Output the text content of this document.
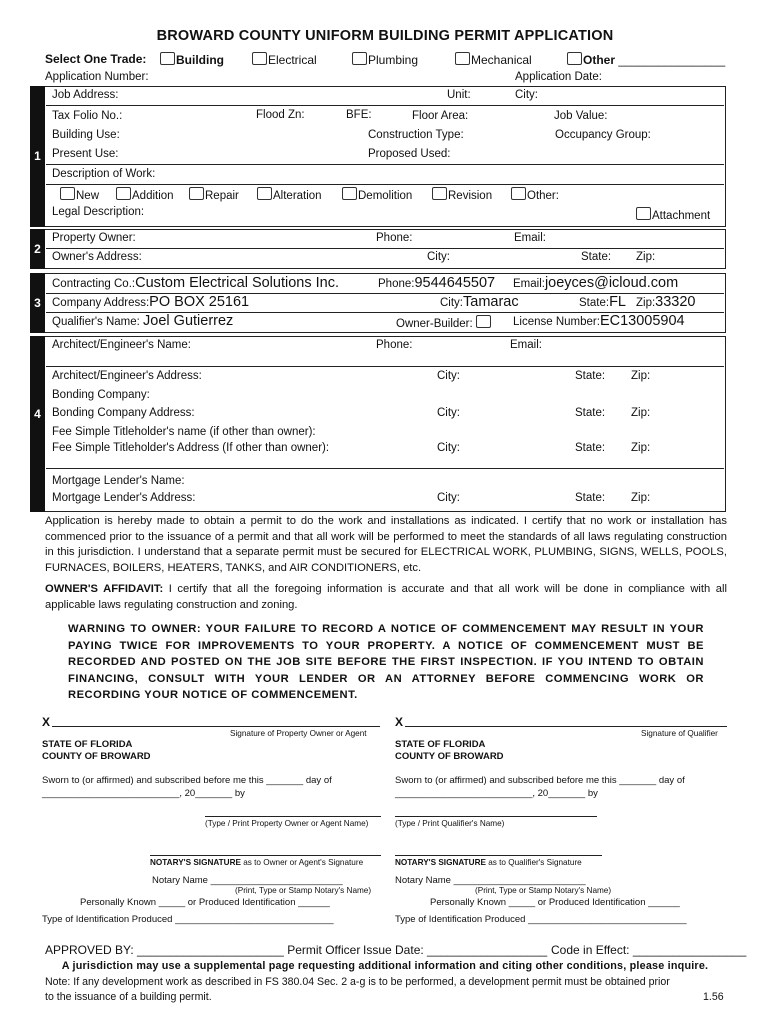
BROWARD COUNTY UNIFORM BUILDING PERMIT APPLICATION
Select One Trade:	Building	Electrical	Plumbing	Mechanical	Other ________________
Application Number:	Application Date:
1
Job Address:	Unit:	City:
Tax Folio No.:	Flood Zn:	BFE:	Floor Area:	Job Value:
Building Use:	Construction Type:	Occupancy Group:
Present Use:	Proposed Used:
Description of Work:
New	Addition	Repair	Alteration	Demolition	Revision	Other:
Legal Description:	Attachment
2
Property Owner:	Phone:	Email:
Owner's Address:	City:	State: Zip:
3
Contracting Co.:Custom Electrical Solutions Inc.	Phone:9544645507 Email:joeyces@icloud.com
Company Address:PO BOX 25161	City:Tamarac	State:FL Zip:33320
Qualifier's Name: Joel Gutierrez	Owner-Builder:	License Number:EC13005904
4
Architect/Engineer's Name:	Phone:	Email:
Architect/Engineer's Address:	City:	State: Zip:
Bonding Company:
Bonding Company Address:	City:	State: Zip:
Fee Simple Titleholder's name (if other than owner):
Fee Simple Titleholder's Address (If other than owner):	City:	State: Zip:
Mortgage Lender's Name:
Mortgage Lender's Address:	City:	State: Zip:
Application is hereby made to obtain a permit to do the work and installations as indicated. I certify that no work or installation has commenced prior to the issuance of a permit and that all work will be performed to meet the standards of all laws regulating construction in this jurisdiction. I understand that a separate permit must be secured for ELECTRICAL WORK, PLUMBING, SIGNS, WELLS, POOLS, FURNACES, BOILERS, HEATERS, TANKS, and AIR CONDITIONERS, etc.
OWNER'S AFFIDAVIT: I certify that all the foregoing information is accurate and that all work will be done in compliance with all applicable laws regulating construction and zoning.
WARNING TO OWNER: YOUR FAILURE TO RECORD A NOTICE OF COMMENCEMENT MAY RESULT IN YOUR PAYING TWICE FOR IMPROVEMENTS TO YOUR PROPERTY. A NOTICE OF COMMENCEMENT MUST BE RECORDED AND POSTED ON THE JOB SITE BEFORE THE FIRST INSPECTION. IF YOU INTEND TO OBTAIN FINANCING, CONSULT WITH YOUR LENDER OR AN ATTORNEY BEFORE COMMENCING WORK OR RECORDING YOUR NOTICE OF COMMENCEMENT.
X
Signature of Property Owner or Agent
STATE OF FLORIDA
COUNTY OF BROWARD
Sworn to (or affirmed) and subscribed before me this _______ day of
__________________________, 20_______ by
(Type / Print Property Owner or Agent Name)
NOTARY'S SIGNATURE as to Owner or Agent's Signature
Notary Name _________________________
(Print, Type or Stamp Notary's Name)
Personally Known _____ or Produced Identification ______
Type of Identification Produced ______________________________
X
Signature of Qualifier
STATE OF FLORIDA
COUNTY OF BROWARD
Sworn to (or affirmed) and subscribed before me this _______ day of
__________________________, 20_______ by
(Type / Print Qualifier's Name)
NOTARY'S SIGNATURE as to Qualifier's Signature
Notary Name _________________________
(Print, Type or Stamp Notary's Name)
Personally Known _____ or Produced Identification ______
Type of Identification Produced ______________________________
APPROVED BY: ______________________ Permit Officer Issue Date: __________________ Code in Effect: _________________
A jurisdiction may use a supplemental page requesting additional information and citing other conditions, please inquire.
Note: If any development work as described in FS 380.04 Sec. 2 a-g is to be performed, a development permit must be obtained prior
to the issuance of a building permit.	1.56
